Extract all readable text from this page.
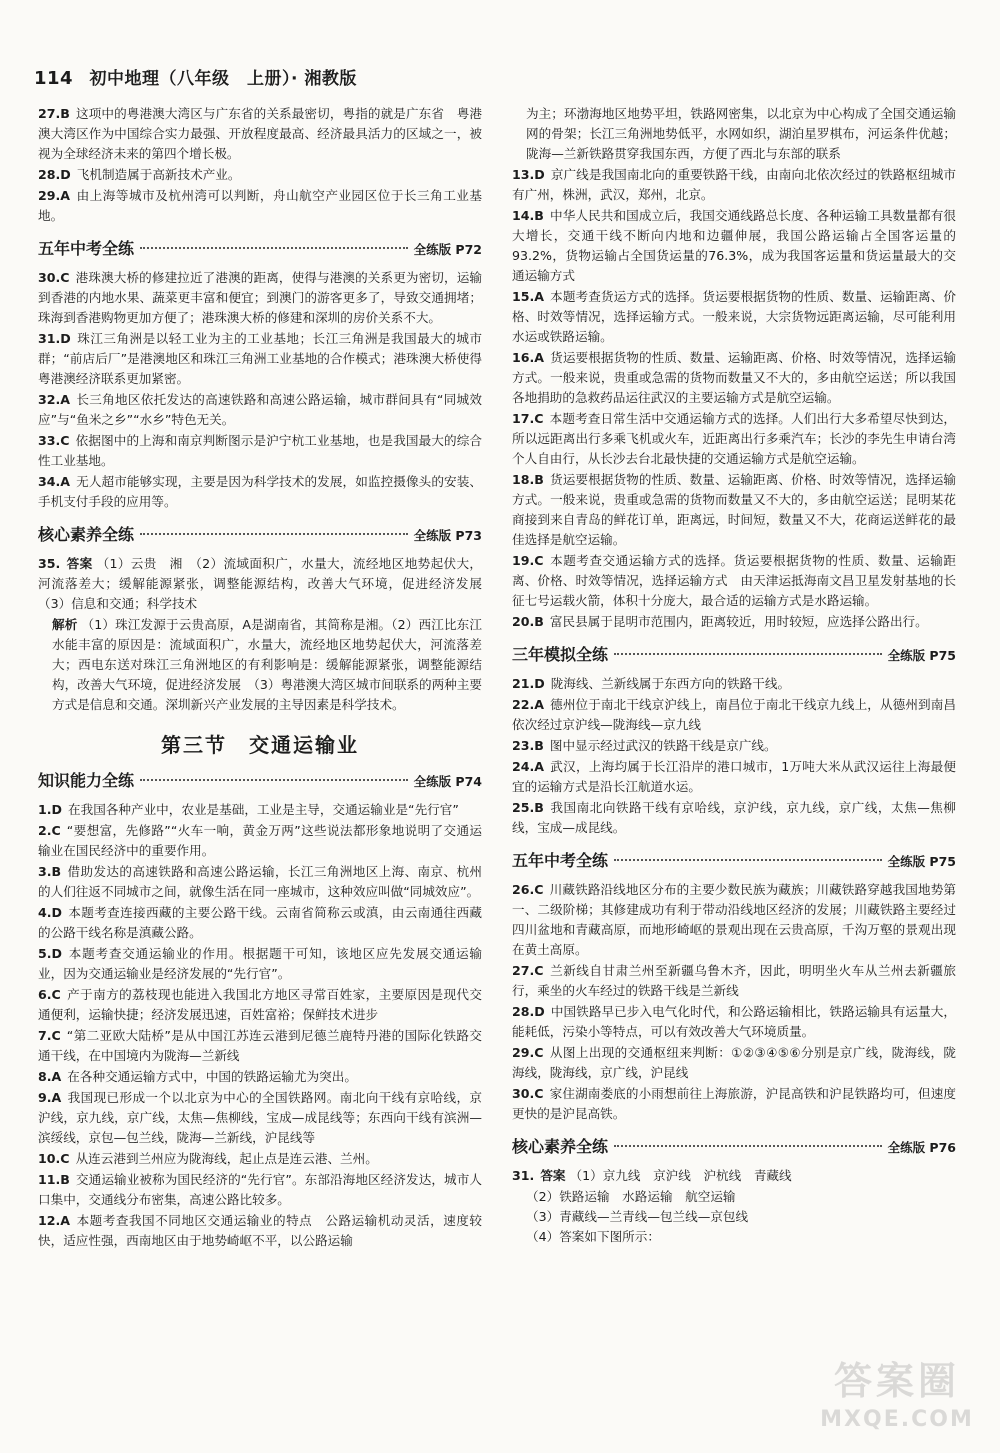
114 初中地理（八年级　上册）· 湘教版
27.B 这项中的粤港澳大湾区与广东省的关系最密切，粤指的就是广东省　粤港澳大湾区作为中国综合实力最强、开放程度最高、经济最具活力的区域之一，被视为全球经济未来的第四个增长极。
28.D 飞机制造属于高新技术产业。
29.A 由上海等城市及杭州湾可以判断，舟山航空产业园区位于长三角工业基地。
五年中考全练	全练版 P72
30.C 港珠澳大桥的修建拉近了港澳的距离，使得与港澳的关系更为密切，运输到香港的内地水果、蔬菜更丰富和便宜；到澳门的游客更多了，导致交通拥堵；珠海到香港购物更加方便了；港珠澳大桥的修建和深圳的房价关系不大。
31.D 珠江三角洲是以轻工业为主的工业基地；长江三角洲是我国最大的城市群；“前店后厂”是港澳地区和珠江三角洲工业基地的合作模式；港珠澳大桥使得粤港澳经济联系更加紧密。
32.A 长三角地区依托发达的高速铁路和高速公路运输，城市群间具有“同城效应”与“鱼米之乡”“水乡”特色无关。
33.C 依据图中的上海和南京判断图示是沪宁杭工业基地，也是我国最大的综合性工业基地。
34.A 无人超市能够实现，主要是因为科学技术的发展，如监控摄像头的安装、手机支付手段的应用等。
核心素养全练	全练版 P73
35. 答案 （1）云贵　湘　（2）流域面积广，水量大，流经地区地势起伏大，河流落差大；缓解能源紧张，调整能源结构，改善大气环境，促进经济发展　（3）信息和交通；科学技术
解析 （1）珠江发源于云贵高原，A是湖南省，其简称是湘。（2）西江比东江水能丰富的原因是：流域面积广，水量大，流经地区地势起伏大，河流落差大；西电东送对珠江三角洲地区的有利影响是：缓解能源紧张，调整能源结构，改善大气环境，促进经济发展　（3）粤港澳大湾区城市间联系的两种主要方式是信息和交通。深圳新兴产业发展的主导因素是科学技术。
第三节　交通运输业
知识能力全练	全练版 P74
1.D 在我国各种产业中，农业是基础，工业是主导，交通运输业是“先行官”
2.C “要想富，先修路”“火车一响，黄金万两”这些说法都形象地说明了交通运输业在国民经济中的重要作用。
3.B 借助发达的高速铁路和高速公路运输，长江三角洲地区上海、南京、杭州的人们往返不同城市之间，就像生活在同一座城市，这种效应叫做“同城效应”。
4.D 本题考查连接西藏的主要公路干线。云南省简称云或滇，由云南通往西藏的公路干线名称是滇藏公路。
5.D 本题考查交通运输业的作用。根据题干可知，该地区应先发展交通运输业，因为交通运输业是经济发展的“先行官”。
6.C 产于南方的荔枝现也能进入我国北方地区寻常百姓家，主要原因是现代交通便利，运输快捷；经济发展迅速，百姓富裕；保鲜技术进步
7.C “第二亚欧大陆桥”是从中国江苏连云港到尼德兰鹿特丹港的国际化铁路交通干线，在中国境内为陇海—兰新线
8.A 在各种交通运输方式中，中国的铁路运输尤为突出。
9.A 我国现已形成一个以北京为中心的全国铁路网。南北向干线有京哈线，京沪线，京九线，京广线，太焦—焦柳线，宝成—成昆线等；东西向干线有滨洲—滨绥线，京包—包兰线，陇海—兰新线，沪昆线等
10.C 从连云港到兰州应为陇海线，起止点是连云港、兰州。
11.B 交通运输业被称为国民经济的“先行官”。东部沿海地区经济发达，城市人口集中，交通线分布密集，高速公路比较多。
12.A 本题考查我国不同地区交通运输业的特点　公路运输机动灵活，速度较快，适应性强，西南地区由于地势崎岖不平，以公路运输
为主；环渤海地区地势平坦，铁路网密集，以北京为中心构成了全国交通运输网的骨架；长江三角洲地势低平，水网如织，湖泊星罗棋布，河运条件优越；陇海—兰新铁路贯穿我国东西，方便了西北与东部的联系
13.D 京广线是我国南北向的重要铁路干线，由南向北依次经过的铁路枢纽城市有广州，株洲，武汉，郑州，北京。
14.B 中华人民共和国成立后，我国交通线路总长度、各种运输工具数量都有很大增长，交通干线不断向内地和边疆伸展，我国公路运输占全国客运量的93.2%，货物运输占全国货运量的76.3%，成为我国客运量和货运量最大的交通运输方式
15.A 本题考查货运方式的选择。货运要根据货物的性质、数量、运输距离、价格、时效等情况，选择运输方式。一般来说，大宗货物远距离运输，尽可能利用水运或铁路运输。
16.A 货运要根据货物的性质、数量、运输距离、价格、时效等情况，选择运输方式。一般来说，贵重或急需的货物而数量又不大的，多由航空运送；所以我国各地捐助的急救药品运往武汉的主要运输方式是航空运输。
17.C 本题考查日常生活中交通运输方式的选择。人们出行大多希望尽快到达，所以远距离出行多乘飞机或火车，近距离出行多乘汽车；长沙的李先生申请台湾个人自由行，从长沙去台北最快捷的交通运输方式是航空运输。
18.B 货运要根据货物的性质、数量、运输距离、价格、时效等情况，选择运输方式。一般来说，贵重或急需的货物而数量又不大的，多由航空运送；昆明某花商接到来自青岛的鲜花订单，距离远，时间短，数量又不大，花商运送鲜花的最佳选择是航空运输。
19.C 本题考查交通运输方式的选择。货运要根据货物的性质、数量、运输距离、价格、时效等情况，选择运输方式　由天津运抵海南文昌卫星发射基地的长征七号运载火箭，体积十分庞大，最合适的运输方式是水路运输。
20.B 富民县属于昆明市范围内，距离较近，用时较短，应选择公路出行。
三年模拟全练	全练版 P75
21.D 陇海线、兰新线属于东西方向的铁路干线。
22.A 德州位于南北干线京沪线上，南昌位于南北干线京九线上，从德州到南昌依次经过京沪线—陇海线—京九线
23.B 图中显示经过武汉的铁路干线是京广线。
24.A 武汉，上海均属于长江沿岸的港口城市，1万吨大米从武汉运往上海最便宜的运输方式是沿长江航道水运。
25.B 我国南北向铁路干线有京哈线，京沪线，京九线，京广线，太焦—焦柳线，宝成—成昆线。
五年中考全练	全练版 P75
26.C 川藏铁路沿线地区分布的主要少数民族为藏族；川藏铁路穿越我国地势第一、二级阶梯；其修建成功有利于带动沿线地区经济的发展；川藏铁路主要经过四川盆地和青藏高原，而地形崎岖的景观出现在云贵高原，千沟万壑的景观出现在黄土高原。
27.C 兰新线自甘肃兰州至新疆乌鲁木齐，因此，明明坐火车从兰州去新疆旅行，乘坐的火车经过的铁路干线是兰新线
28.D 中国铁路早已步入电气化时代，和公路运输相比，铁路运输具有运量大，能耗低，污染小等特点，可以有效改善大气环境质量。
29.C 从图上出现的交通枢纽来判断：①②③④⑤⑥分别是京广线，陇海线，陇海线，陇海线，京广线，沪昆线
30.C 家住湖南娄底的小雨想前往上海旅游，沪昆高铁和沪昆铁路均可，但速度更快的是沪昆高铁。
核心素养全练	全练版 P76
31. 答案 （1）京九线　京沪线　沪杭线　青藏线
（2）铁路运输　水路运输　航空运输
（3）青藏线—兰青线—包兰线—京包线
（4）答案如下图所示：
答案圈
MXQE.COM
